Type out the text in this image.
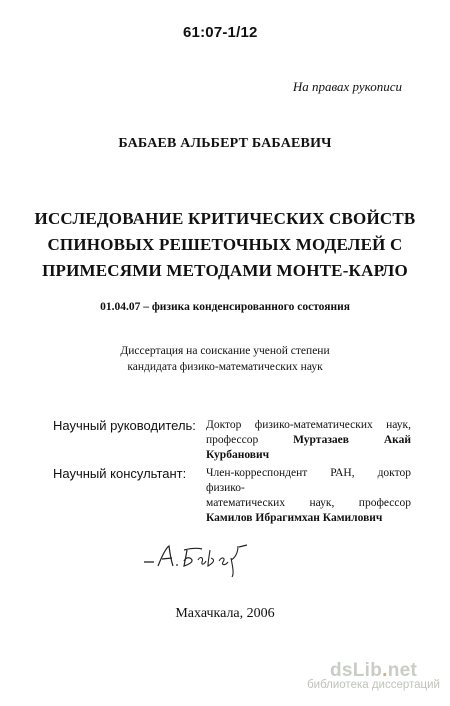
61:07-1/12
На правах рукописи
БАБАЕВ АЛЬБЕРТ БАБАЕВИЧ
ИССЛЕДОВАНИЕ КРИТИЧЕСКИХ СВОЙСТВ
СПИНОВЫХ РЕШЕТОЧНЫХ МОДЕЛЕЙ С
ПРИМЕСЯМИ МЕТОДАМИ МОНТЕ-КАРЛО
01.04.07 – физика конденсированного состояния
Диссертация на соискание ученой степени
кандидата физико-математических наук
Научный руководитель: Доктор физико-математических наук,
профессор	Муртазаев Акай Курбанович
Научный консультант: Член-корреспондент РАН, доктор физико-
математических наук, профессор
Камилов Ибрагимхан Камилович
Махачкала, 2006
dsLib.net
библиотека диссертаций
